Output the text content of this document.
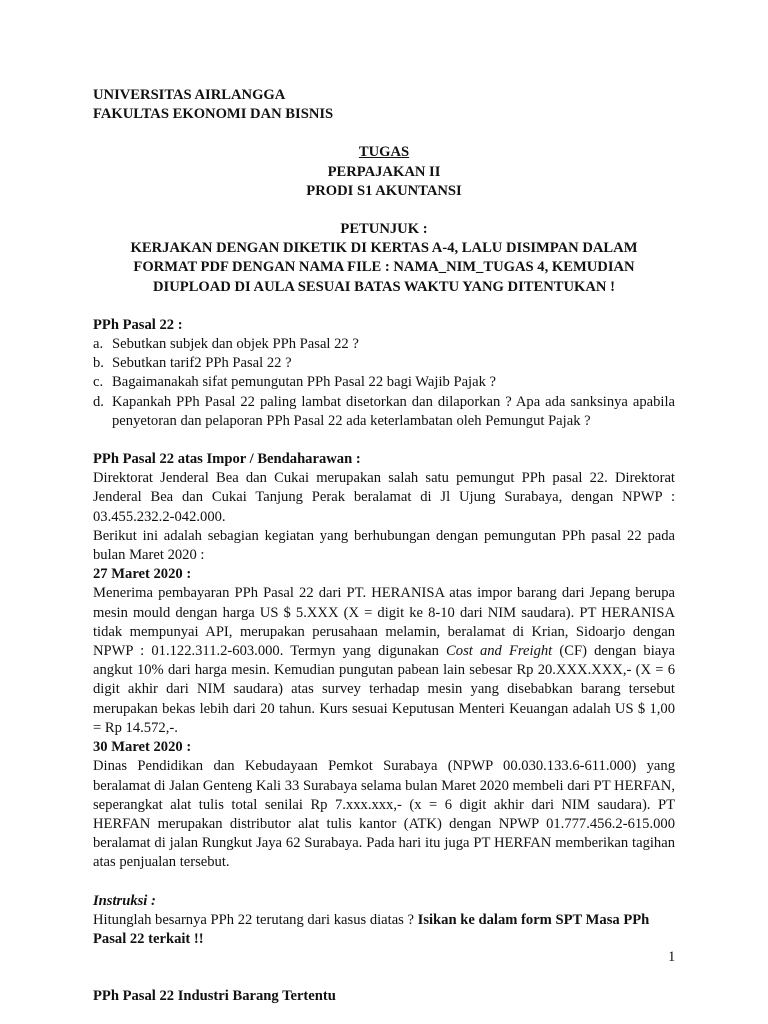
UNIVERSITAS AIRLANGGA
FAKULTAS EKONOMI DAN BISNIS
TUGAS
PERPAJAKAN II
PRODI S1 AKUNTANSI
PETUNJUK :
KERJAKAN DENGAN DIKETIK DI KERTAS A-4, LALU DISIMPAN DALAM
FORMAT PDF DENGAN NAMA FILE : NAMA_NIM_TUGAS 4, KEMUDIAN
DIUPLOAD DI AULA SESUAI BATAS WAKTU YANG DITENTUKAN !
PPh Pasal 22 :
a. Sebutkan subjek dan objek PPh Pasal 22 ?
b. Sebutkan tarif2 PPh Pasal 22 ?
c. Bagaimanakah sifat pemungutan PPh Pasal 22 bagi Wajib Pajak ?
d. Kapankah PPh Pasal 22 paling lambat disetorkan dan dilaporkan ? Apa ada sanksinya apabila penyetoran dan pelaporan PPh Pasal 22 ada keterlambatan oleh Pemungut Pajak ?
PPh Pasal 22 atas Impor / Bendaharawan :

Direktorat Jenderal Bea dan Cukai merupakan salah satu pemungut PPh pasal 22. Direktorat Jenderal Bea dan Cukai Tanjung Perak beralamat di Jl Ujung Surabaya, dengan NPWP : 03.455.232.2-042.000.

Berikut ini adalah sebagian kegiatan yang berhubungan dengan pemungutan PPh pasal 22 pada bulan Maret 2020 :

27 Maret 2020 :

Menerima pembayaran PPh Pasal 22 dari PT. HERANISA atas impor barang dari Jepang berupa mesin mould dengan harga US $ 5.XXX (X = digit ke 8-10 dari NIM saudara). PT HERANISA tidak mempunyai API, merupakan perusahaan melamin, beralamat di Krian, Sidoarjo dengan NPWP : 01.122.311.2-603.000. Termyn yang digunakan Cost and Freight (CF) dengan biaya angkut 10% dari harga mesin. Kemudian pungutan pabean lain sebesar Rp 20.XXX.XXX,- (X = 6 digit akhir dari NIM saudara) atas survey terhadap mesin yang disebabkan barang tersebut merupakan bekas lebih dari 20 tahun. Kurs sesuai Keputusan Menteri Keuangan adalah US $ 1,00 = Rp 14.572,-.

30 Maret 2020 :

Dinas Pendidikan dan Kebudayaan Pemkot Surabaya (NPWP 00.030.133.6-611.000) yang beralamat di Jalan Genteng Kali 33 Surabaya selama bulan Maret 2020 membeli dari PT HERFAN, seperangkat alat tulis total senilai Rp 7.xxx.xxx,- (x = 6 digit akhir dari NIM saudara). PT HERFAN merupakan distributor alat tulis kantor (ATK) dengan NPWP 01.777.456.2-615.000 beralamat di jalan Rungkut Jaya 62 Surabaya. Pada hari itu juga PT HERFAN memberikan tagihan atas penjualan tersebut.

Instruksi :

Hitunglah besarnya PPh 22 terutang dari kasus diatas ? Isikan ke dalam form SPT Masa PPh Pasal 22 terkait !!

PPh Pasal 22 Industri Barang Tertentu
1
